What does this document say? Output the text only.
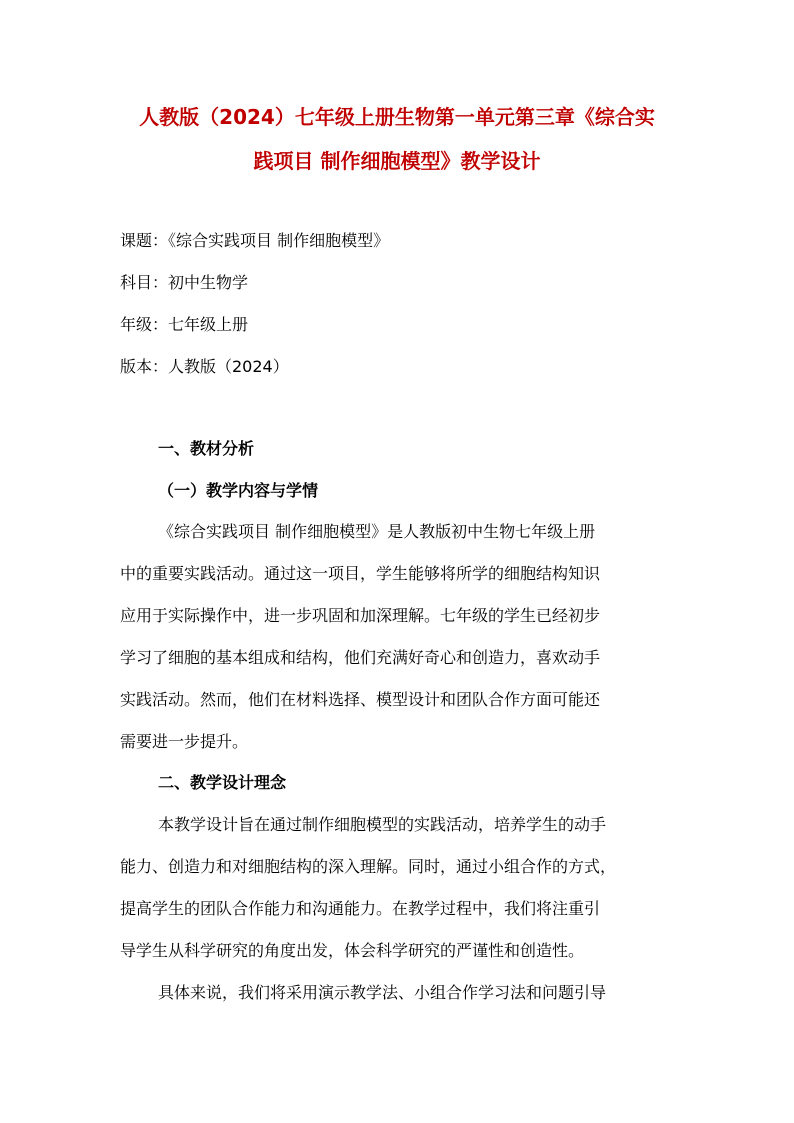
人教版（2024）七年级上册生物第一单元第三章《综合实
践项目 制作细胞模型》教学设计

课题：《综合实践项目 制作细胞模型》

科目：初中生物学

年级：七年级上册

版本：人教版（2024）

一、教材分析
（一）教学内容与学情
《综合实践项目 制作细胞模型》是人教版初中生物七年级上册
中的重要实践活动。通过这一项目，学生能够将所学的细胞结构知识
应用于实际操作中，进一步巩固和加深理解。七年级的学生已经初步
学习了细胞的基本组成和结构，他们充满好奇心和创造力，喜欢动手
实践活动。然而，他们在材料选择、模型设计和团队合作方面可能还
需要进一步提升。
二、教学设计理念
本教学设计旨在通过制作细胞模型的实践活动，培养学生的动手
能力、创造力和对细胞结构的深入理解。同时，通过小组合作的方式，
提高学生的团队合作能力和沟通能力。在教学过程中，我们将注重引
导学生从科学研究的角度出发，体会科学研究的严谨性和创造性。
具体来说，我们将采用演示教学法、小组合作学习法和问题引导
